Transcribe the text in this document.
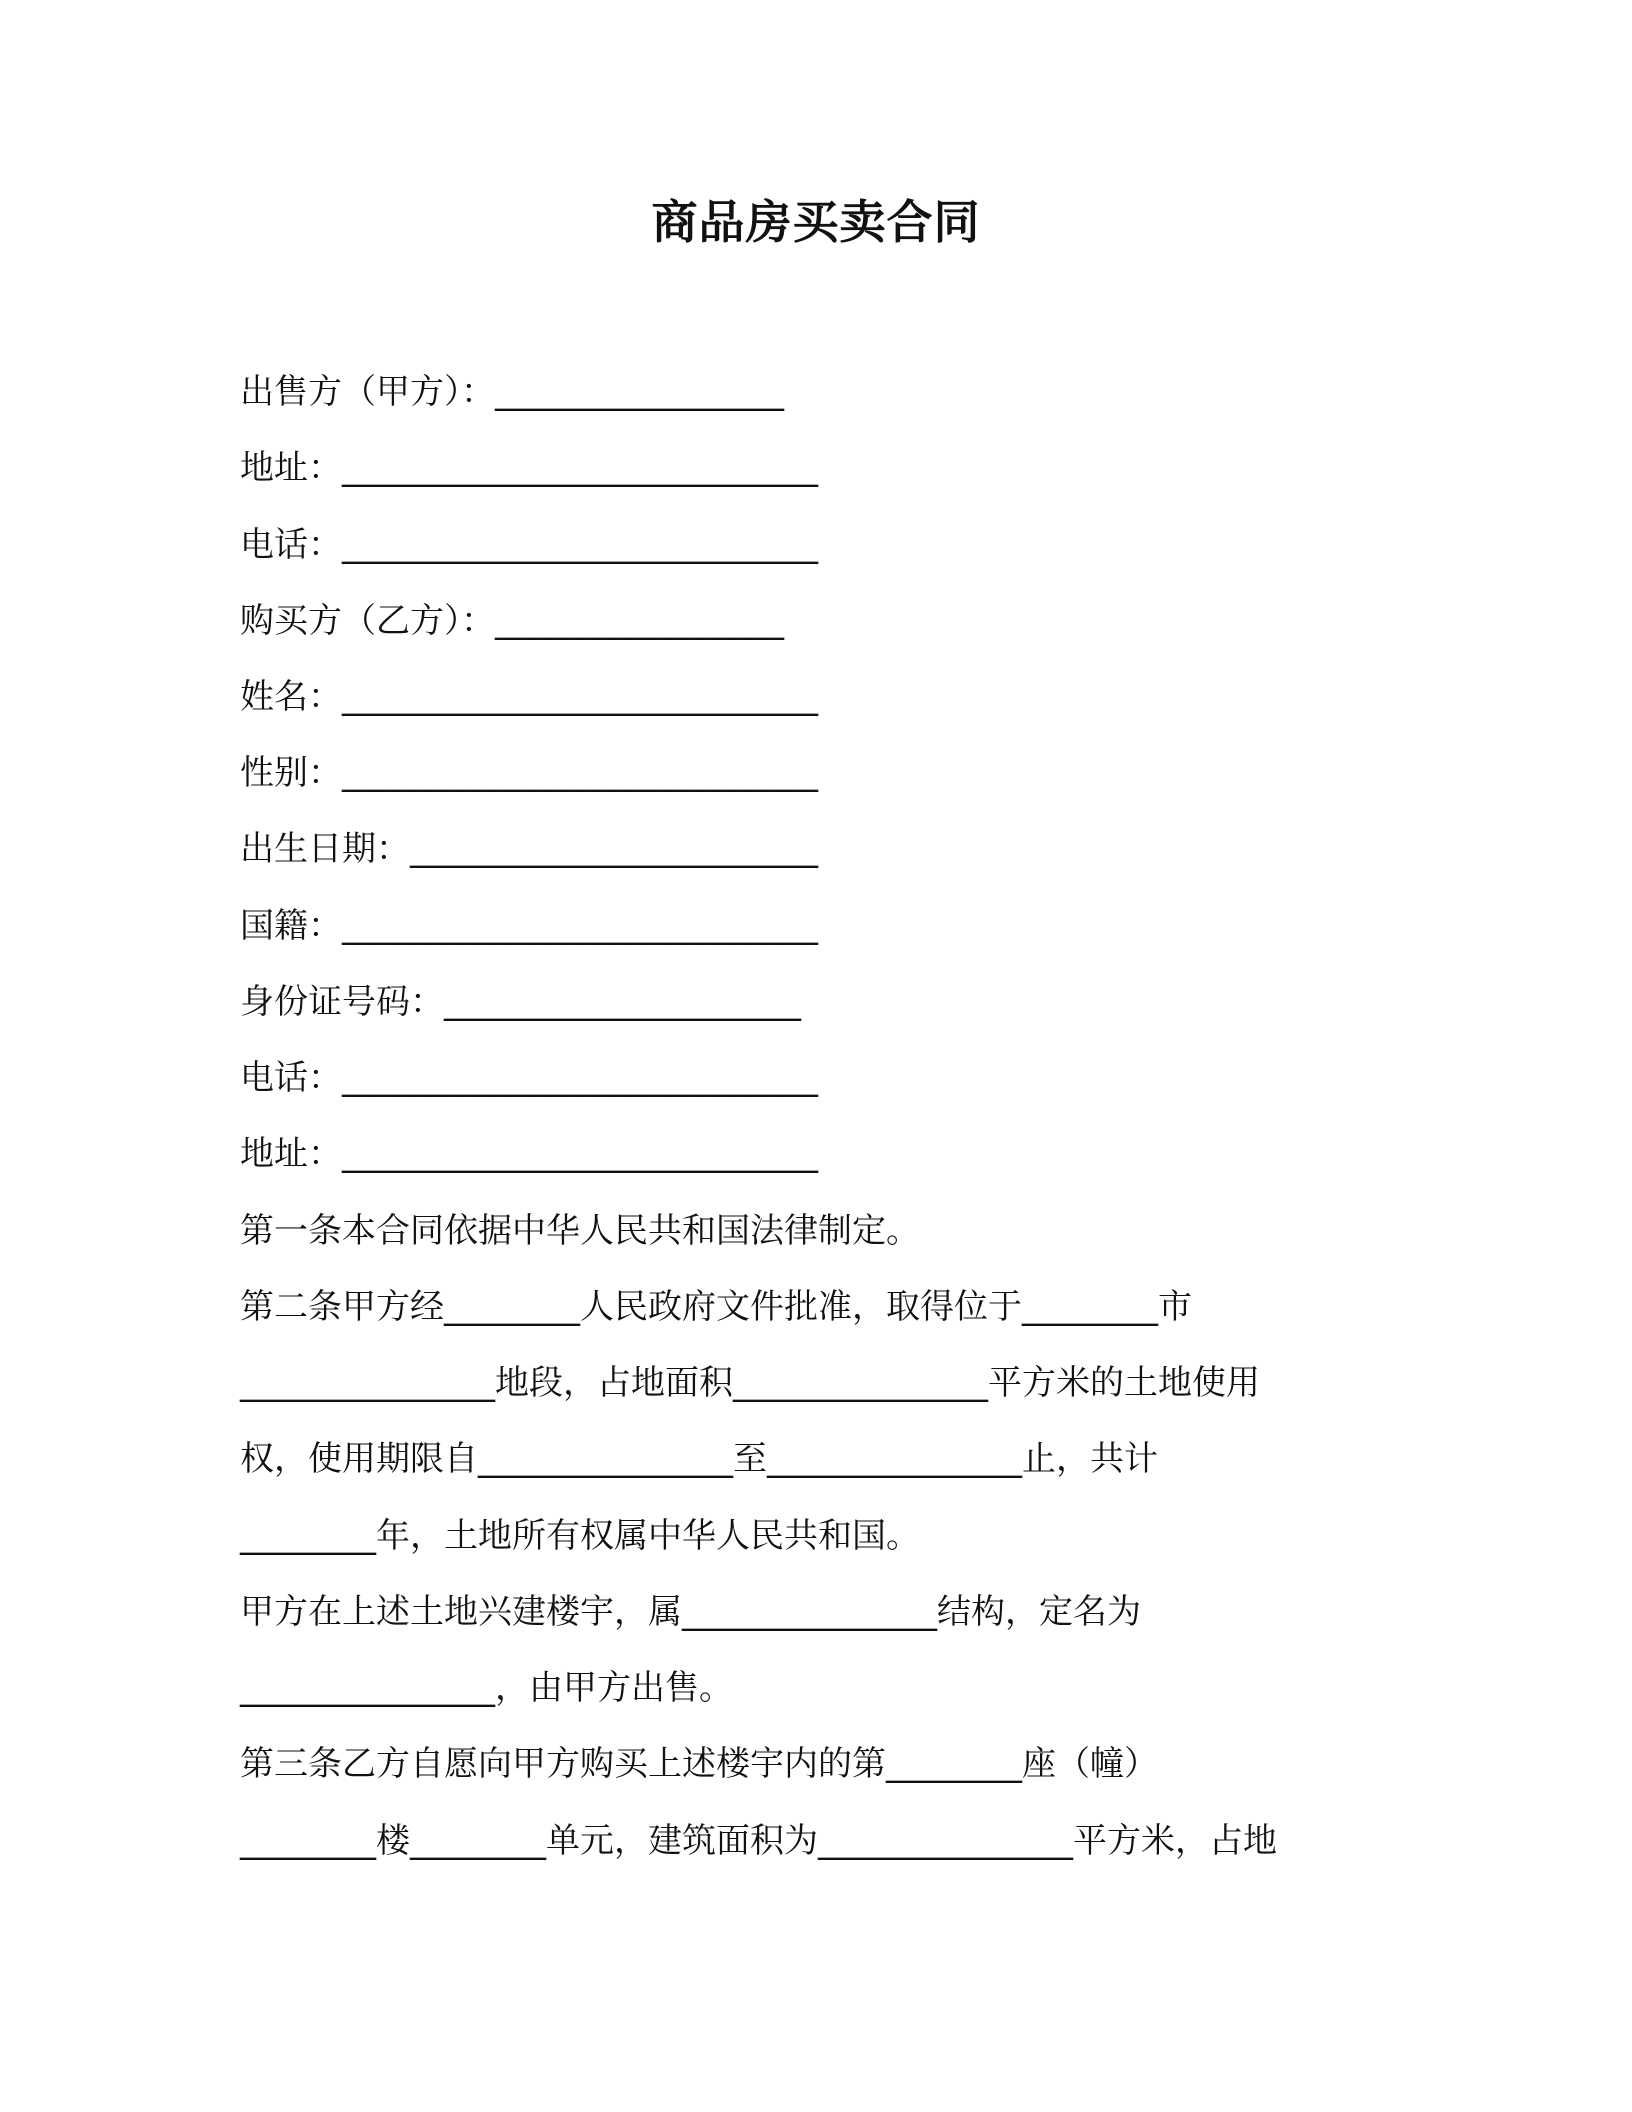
商品房买卖合同

出售方（甲方）：_________________

地址：____________________________

电话：____________________________

购买方（乙方）：_________________

姓名：____________________________

性别：____________________________

出生日期：________________________

国籍：____________________________

身份证号码：_____________________

电话：____________________________

地址：____________________________

第一条本合同依据中华人民共和国法律制定。

第二条甲方经________人民政府文件批准，取得位于________市

_______________地段，占地面积_______________平方米的土地使用

权，使用期限自_______________至_______________止，共计

________年，土地所有权属中华人民共和国。

甲方在上述土地兴建楼宇，属_______________结构，定名为

_______________，由甲方出售。

第三条乙方自愿向甲方购买上述楼宇内的第________座（幢）

________楼________单元，建筑面积为_______________平方米，占地
